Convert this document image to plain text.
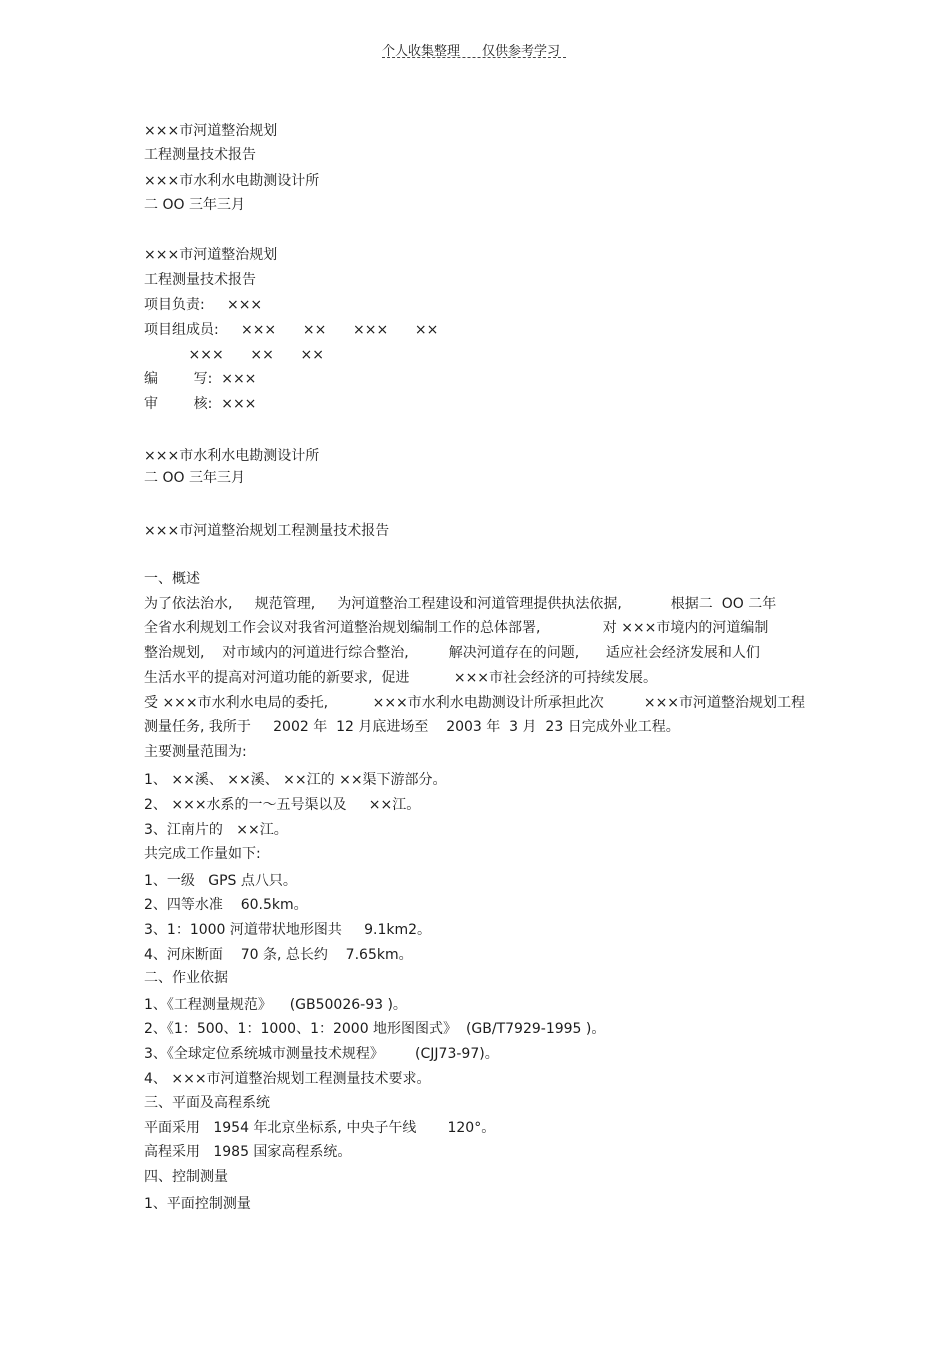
个人收集整理 仅供参考学习
×××市河道整治规划
工程测量技术报告
×××市水利水电勘测设计所
二 OO 三年三月
×××市河道整治规划
工程测量技术报告
项目负责:     ×××
项目组成员:     ×××      ××      ×××      ××
×××      ××      ××
编        写:  ×××
审        核:  ×××
×××市水利水电勘测设计所
二 OO 三年三月
×××市河道整治规划工程测量技术报告
一、概述
为了依法治水,     规范管理,     为河道整治工程建设和河道管理提供执法依据,           根据二  OO 二年
全省水利规划工作会议对我省河道整治规划编制工作的总体部署,              对 ×××市境内的河道编制
整治规划,    对市域内的河道进行综合整治,         解决河道存在的问题,      适应社会经济发展和人们
生活水平的提高对河道功能的新要求,  促进          ×××市社会经济的可持续发展。
受 ×××市水利水电局的委托,          ×××市水利水电勘测设计所承担此次         ×××市河道整治规划工程
测量任务, 我所于     2002 年  12 月底进场至    2003 年  3 月  23 日完成外业工程。
主要测量范围为:
1、 ××溪、 ××溪、 ××江的 ××渠下游部分。
2、 ×××水系的一～五号渠以及     ××江。
3、江南片的   ××江。
共完成工作量如下:
1、一级   GPS 点八只。
2、四等水准    60.5km。
3、1：1000 河道带状地形图共     9.1km2。
4、河床断面    70 条, 总长约    7.65km。
二、作业依据
1、《工程测量规范》    (GB50026-93 )。
2、《1：500、1：1000、1：2000 地形图图式》  (GB/T7929-1995 )。
3、《全球定位系统城市测量技术规程》       (CJJ73-97)。
4、 ×××市河道整治规划工程测量技术要求。
三、平面及高程系统
平面采用   1954 年北京坐标系, 中央子午线       120°。
高程采用   1985 国家高程系统。
四、控制测量
1、平面控制测量
